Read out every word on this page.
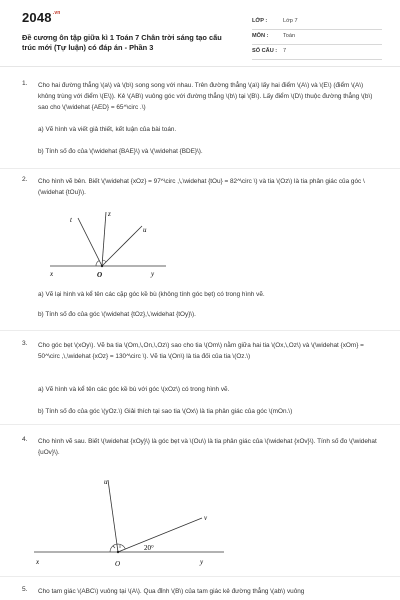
$2048^{.vn}$
Đề cương ôn tập giữa kì 1 Toán 7 Chân trời sáng tạo cấu trúc mới (Tự luận) có đáp án - Phần 3
LỚP :	Lớp 7
MÔN :	Toán
SỐ CÂU : 7
1. Cho hai đường thẳng \(a\) và \(b\) song song với nhau. Trên đường thẳng \(a\) lấy hai điểm \(A\) và \(E\) (điểm \(A\) không trùng với điểm \(E\)). Kẻ \(AB\) vuông góc với đường thẳng \(b\) tại \(B\). Lấy điểm \(D\) thuộc đường thẳng \(b\) sao cho \(\widehat {AED} = 65^\circ .\)
a) Vẽ hình và viết giả thiết, kết luận của bài toán.
b) Tính số đo của \(\widehat {BAE}\) và \(\widehat {BDE}\).
2. Cho hình vẽ bên. Biết \(\widehat {xOz} = 97^\circ ,\,\widehat {tOu} = 82^\circ \) và tia \(Oz\) là tia phân giác của góc \(\widehat {tOu}\).
x	y
O
t
z
u
a) Vẽ lại hình và kể tên các cặp góc kề bù (không tính góc bẹt) có trong hình vẽ.
b) Tính số đo của góc \(\widehat {tOz},\,\widehat {tOy}\).
3. Cho góc bẹt \(xOy\). Vẽ ba tia \(Om,\,On,\,Oz\) sao cho tia \(Om\) nằm giữa hai tia \(Ox,\,Oz\) và \(\widehat {xOm} = 50^\circ ,\,\widehat {xOz} = 130^\circ \). Vẽ tia \(On\) là tia đối của tia \(Oz.\)
a) Vẽ hình và kể tên các góc kề bù với góc \(xOz\) có trong hình vẽ.
b) Tính số đo của góc \(yOz.\) Giải thích tại sao tia \(Ox\) là tia phân giác của góc \(mOn.\)
4. Cho hình vẽ sau. Biết \(\widehat {xOy}\) là góc bẹt và \(Ou\) là tia phân giác của \(\widehat {xOv}\). Tính số đo \(\widehat {uOv}\).
20°
u
v
x	y
O
5. Cho tam giác \(ABC\) vuông tại \(A\). Qua đỉnh \(B\) của tam giác kẻ đường thẳng \(ab\) vuông
